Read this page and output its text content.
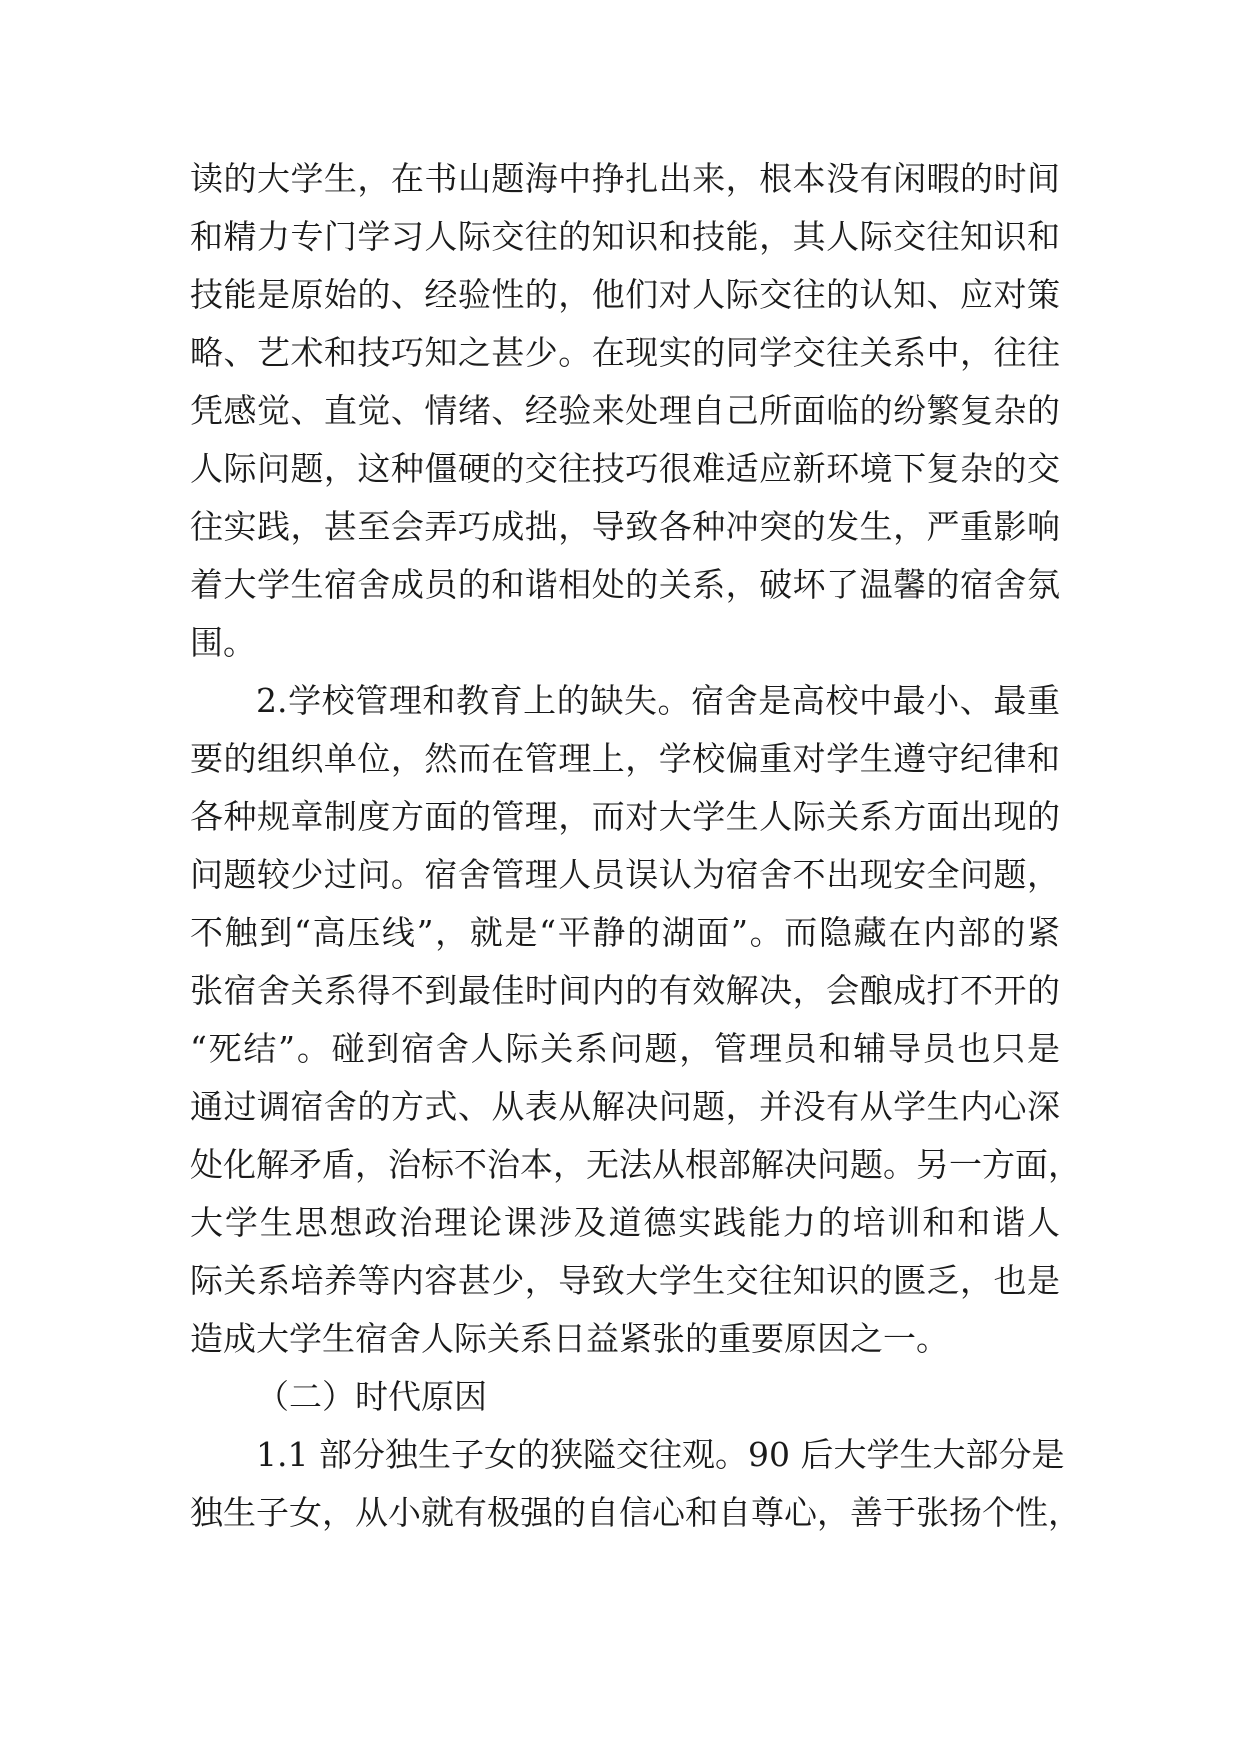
读的大学生，在书山题海中挣扎出来，根本没有闲暇的时间

和精力专门学习人际交往的知识和技能，其人际交往知识和

技能是原始的、经验性的，他们对人际交往的认知、应对策

略、艺术和技巧知之甚少。在现实的同学交往关系中，往往

凭感觉、直觉、情绪、经验来处理自己所面临的纷繁复杂的

人际问题，这种僵硬的交往技巧很难适应新环境下复杂的交

往实践，甚至会弄巧成拙，导致各种冲突的发生，严重影响

着大学生宿舍成员的和谐相处的关系，破坏了温馨的宿舍氛

围。

2.学校管理和教育上的缺失。宿舍是高校中最小、最重

要的组织单位，然而在管理上，学校偏重对学生遵守纪律和

各种规章制度方面的管理，而对大学生人际关系方面出现的

问题较少过问。宿舍管理人员误认为宿舍不出现安全问题，

不触到“高压线”，就是“平静的湖面”。而隐藏在内部的紧

张宿舍关系得不到最佳时间内的有效解决，会酿成打不开的

“死结”。碰到宿舍人际关系问题，管理员和辅导员也只是

通过调宿舍的方式、从表从解决问题，并没有从学生内心深

处化解矛盾，治标不治本，无法从根部解决问题。另一方面，

大学生思想政治理论课涉及道德实践能力的培训和和谐人

际关系培养等内容甚少，导致大学生交往知识的匮乏，也是

造成大学生宿舍人际关系日益紧张的重要原因之一。

（二）时代原因

1.1 部分独生子女的狭隘交往观。90 后大学生大部分是

独生子女，从小就有极强的自信心和自尊心，善于张扬个性，
